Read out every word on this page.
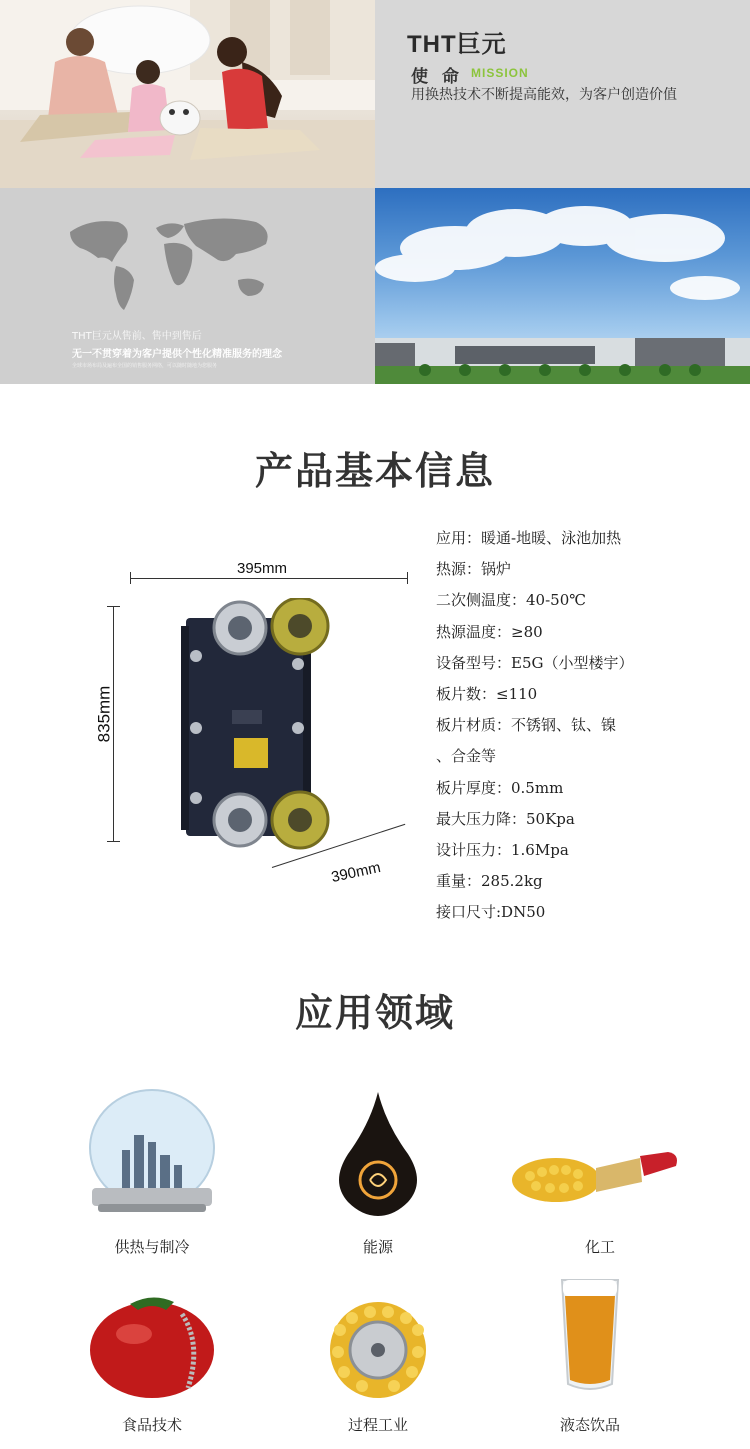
THT巨元
使 命 MISSION
用换热技术不断提高能效，为客户创造价值
THT巨元从售前、售中到售后
无一不贯穿着为客户提供个性化精准服务的理念
全球市场布局及遍布全国的销售服务网络，可以随时随地为您服务
产品基本信息
395mm
835mm
390mm
应用：暖通-地暖、泳池加热
热源：锅炉
二次侧温度：40-50℃
热源温度：≥80
设备型号：E5G（小型楼宇）
板片数：≤110
板片材质：不锈钢、钛、镍
、合金等
板片厚度：0.5mm
最大压力降：50Kpa
设计压力：1.6Mpa
重量：285.2kg
接口尺寸:DN50
应用领域
供热与制冷	能源	化工
食品技术	过程工业	液态饮品
